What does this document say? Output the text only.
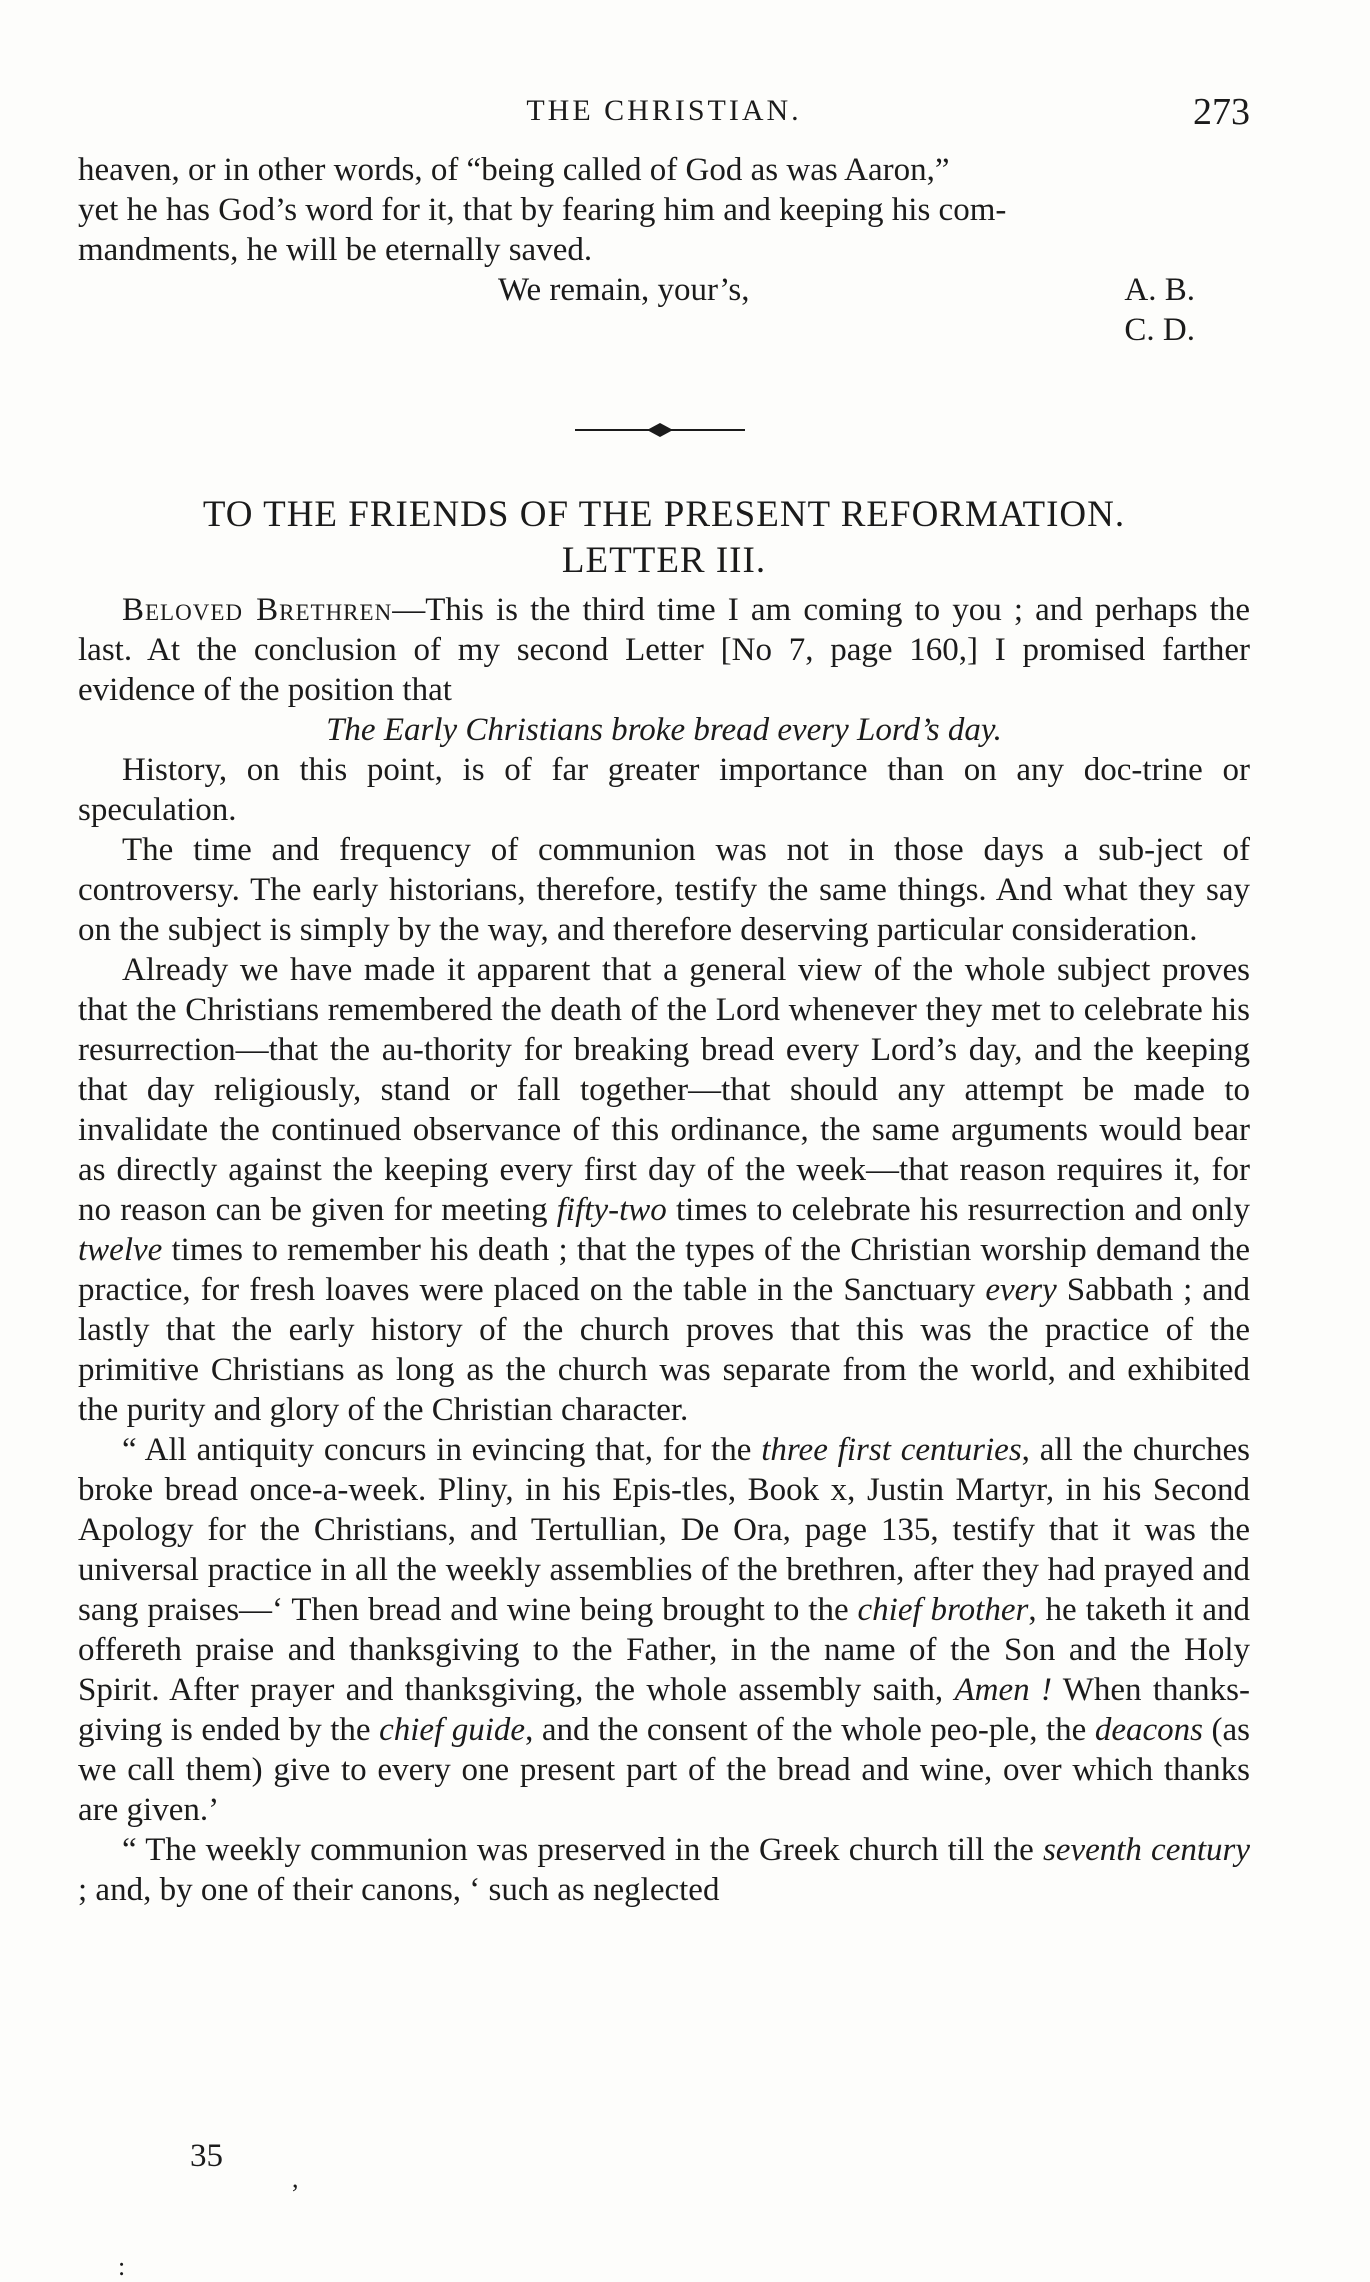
THE CHRISTIAN.	273

heaven, or in other words, of “being called of God as was Aaron,”
yet he has God’s word for it, that by fearing him and keeping his com-
mandments, he will be eternally saved.

We remain, your’s,	A. B.
C. D.
TO THE FRIENDS OF THE PRESENT REFORMATION.
LETTER III.

Beloved Brethren—This is the third time I am coming to you ; and perhaps the last. At the conclusion of my second Letter [No 7, page 160,] I promised farther evidence of the position that

The Early Christians broke bread every Lord’s day.

History, on this point, is of far greater importance than on any doc-trine or speculation.

The time and frequency of communion was not in those days a sub-ject of controversy. The early historians, therefore, testify the same things. And what they say on the subject is simply by the way, and therefore deserving particular consideration.

Already we have made it apparent that a general view of the whole subject proves that the Christians remembered the death of the Lord whenever they met to celebrate his resurrection—that the au-thority for breaking bread every Lord’s day, and the keeping that day religiously, stand or fall together—that should any attempt be made to invalidate the continued observance of this ordinance, the same arguments would bear as directly against the keeping every first day of the week—that reason requires it, for no reason can be given for meeting fifty-two times to celebrate his resurrection and only twelve times to remember his death ; that the types of the Christian worship demand the practice, for fresh loaves were placed on the table in the Sanctuary every Sabbath ; and lastly that the early history of the church proves that this was the practice of the primitive Christians as long as the church was separate from the world, and exhibited the purity and glory of the Christian character.

“ All antiquity concurs in evincing that, for the three first centuries, all the churches broke bread once-a-week. Pliny, in his Epis-tles, Book x, Justin Martyr, in his Second Apology for the Christians, and Tertullian, De Ora, page 135, testify that it was the universal practice in all the weekly assemblies of the brethren, after they had prayed and sang praises—‘ Then bread and wine being brought to the chief brother, he taketh it and offereth praise and thanksgiving to the Father, in the name of the Son and the Holy Spirit. After prayer and thanksgiving, the whole assembly saith, Amen ! When thanks-giving is ended by the chief guide, and the consent of the whole peo-ple, the deacons (as we call them) give to every one present part of the bread and wine, over which thanks are given.’

“ The weekly communion was preserved in the Greek church till the seventh century ; and, by one of their canons, ‘ such as neglected

35
,
:
